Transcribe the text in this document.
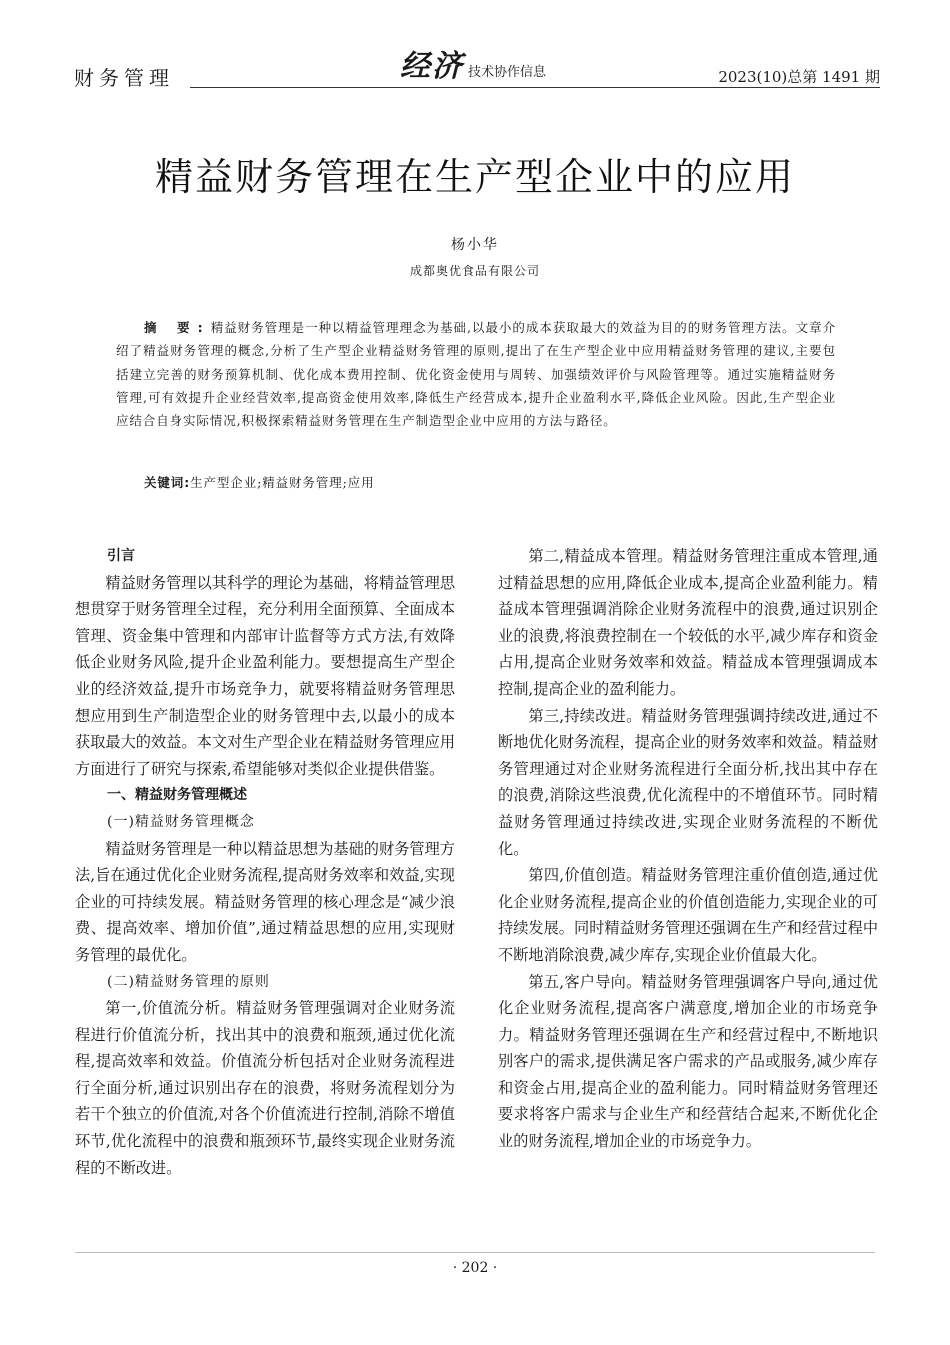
财务管理	经济 技术协作信息	2023(10)总第 1491 期
精益财务管理在生产型企业中的应用
杨小华
成都奥优食品有限公司
摘 要:精益财务管理是一种以精益管理理念为基础,以最小的成本获取最大的效益为目的的财务管理方法。文章介绍了精益财务管理的概念,分析了生产型企业精益财务管理的原则,提出了在生产型企业中应用精益财务管理的建议,主要包括建立完善的财务预算机制、优化成本费用控制、优化资金使用与周转、加强绩效评价与风险管理等。通过实施精益财务管理,可有效提升企业经营效率,提高资金使用效率,降低生产经营成本,提升企业盈利水平,降低企业风险。因此,生产型企业应结合自身实际情况,积极探索精益财务管理在生产制造型企业中应用的方法与路径。
关键词:生产型企业;精益财务管理;应用
引言

精益财务管理以其科学的理论为基础，将精益管理思想贯穿于财务管理全过程，充分利用全面预算、全面成本管理、资金集中管理和内部审计监督等方式方法,有效降低企业财务风险,提升企业盈利能力。要想提高生产型企业的经济效益,提升市场竞争力，就要将精益财务管理思想应用到生产制造型企业的财务管理中去,以最小的成本获取最大的效益。本文对生产型企业在精益财务管理应用方面进行了研究与探索,希望能够对类似企业提供借鉴。

一、精益财务管理概述
(一)精益财务管理概念

精益财务管理是一种以精益思想为基础的财务管理方法,旨在通过优化企业财务流程,提高财务效率和效益,实现企业的可持续发展。精益财务管理的核心理念是“减少浪费、提高效率、增加价值”,通过精益思想的应用,实现财务管理的最优化。

(二)精益财务管理的原则

第一,价值流分析。精益财务管理强调对企业财务流程进行价值流分析，找出其中的浪费和瓶颈,通过优化流程,提高效率和效益。价值流分析包括对企业财务流程进行全面分析,通过识别出存在的浪费，将财务流程划分为若干个独立的价值流,对各个价值流进行控制,消除不增值环节,优化流程中的浪费和瓶颈环节,最终实现企业财务流程的不断改进。

第二,精益成本管理。精益财务管理注重成本管理,通过精益思想的应用,降低企业成本,提高企业盈利能力。精益成本管理强调消除企业财务流程中的浪费,通过识别企业的浪费,将浪费控制在一个较低的水平,减少库存和资金占用,提高企业财务效率和效益。精益成本管理强调成本控制,提高企业的盈利能力。

第三,持续改进。精益财务管理强调持续改进,通过不断地优化财务流程，提高企业的财务效率和效益。精益财务管理通过对企业财务流程进行全面分析,找出其中存在的浪费,消除这些浪费,优化流程中的不增值环节。同时精益财务管理通过持续改进,实现企业财务流程的不断优化。

第四,价值创造。精益财务管理注重价值创造,通过优化企业财务流程,提高企业的价值创造能力,实现企业的可持续发展。同时精益财务管理还强调在生产和经营过程中不断地消除浪费,减少库存,实现企业价值最大化。

第五,客户导向。精益财务管理强调客户导向,通过优化企业财务流程,提高客户满意度,增加企业的市场竞争力。精益财务管理还强调在生产和经营过程中,不断地识别客户的需求,提供满足客户需求的产品或服务,减少库存和资金占用,提高企业的盈利能力。同时精益财务管理还要求将客户需求与企业生产和经营结合起来,不断优化企业的财务流程,增加企业的市场竞争力。

· 202 ·
